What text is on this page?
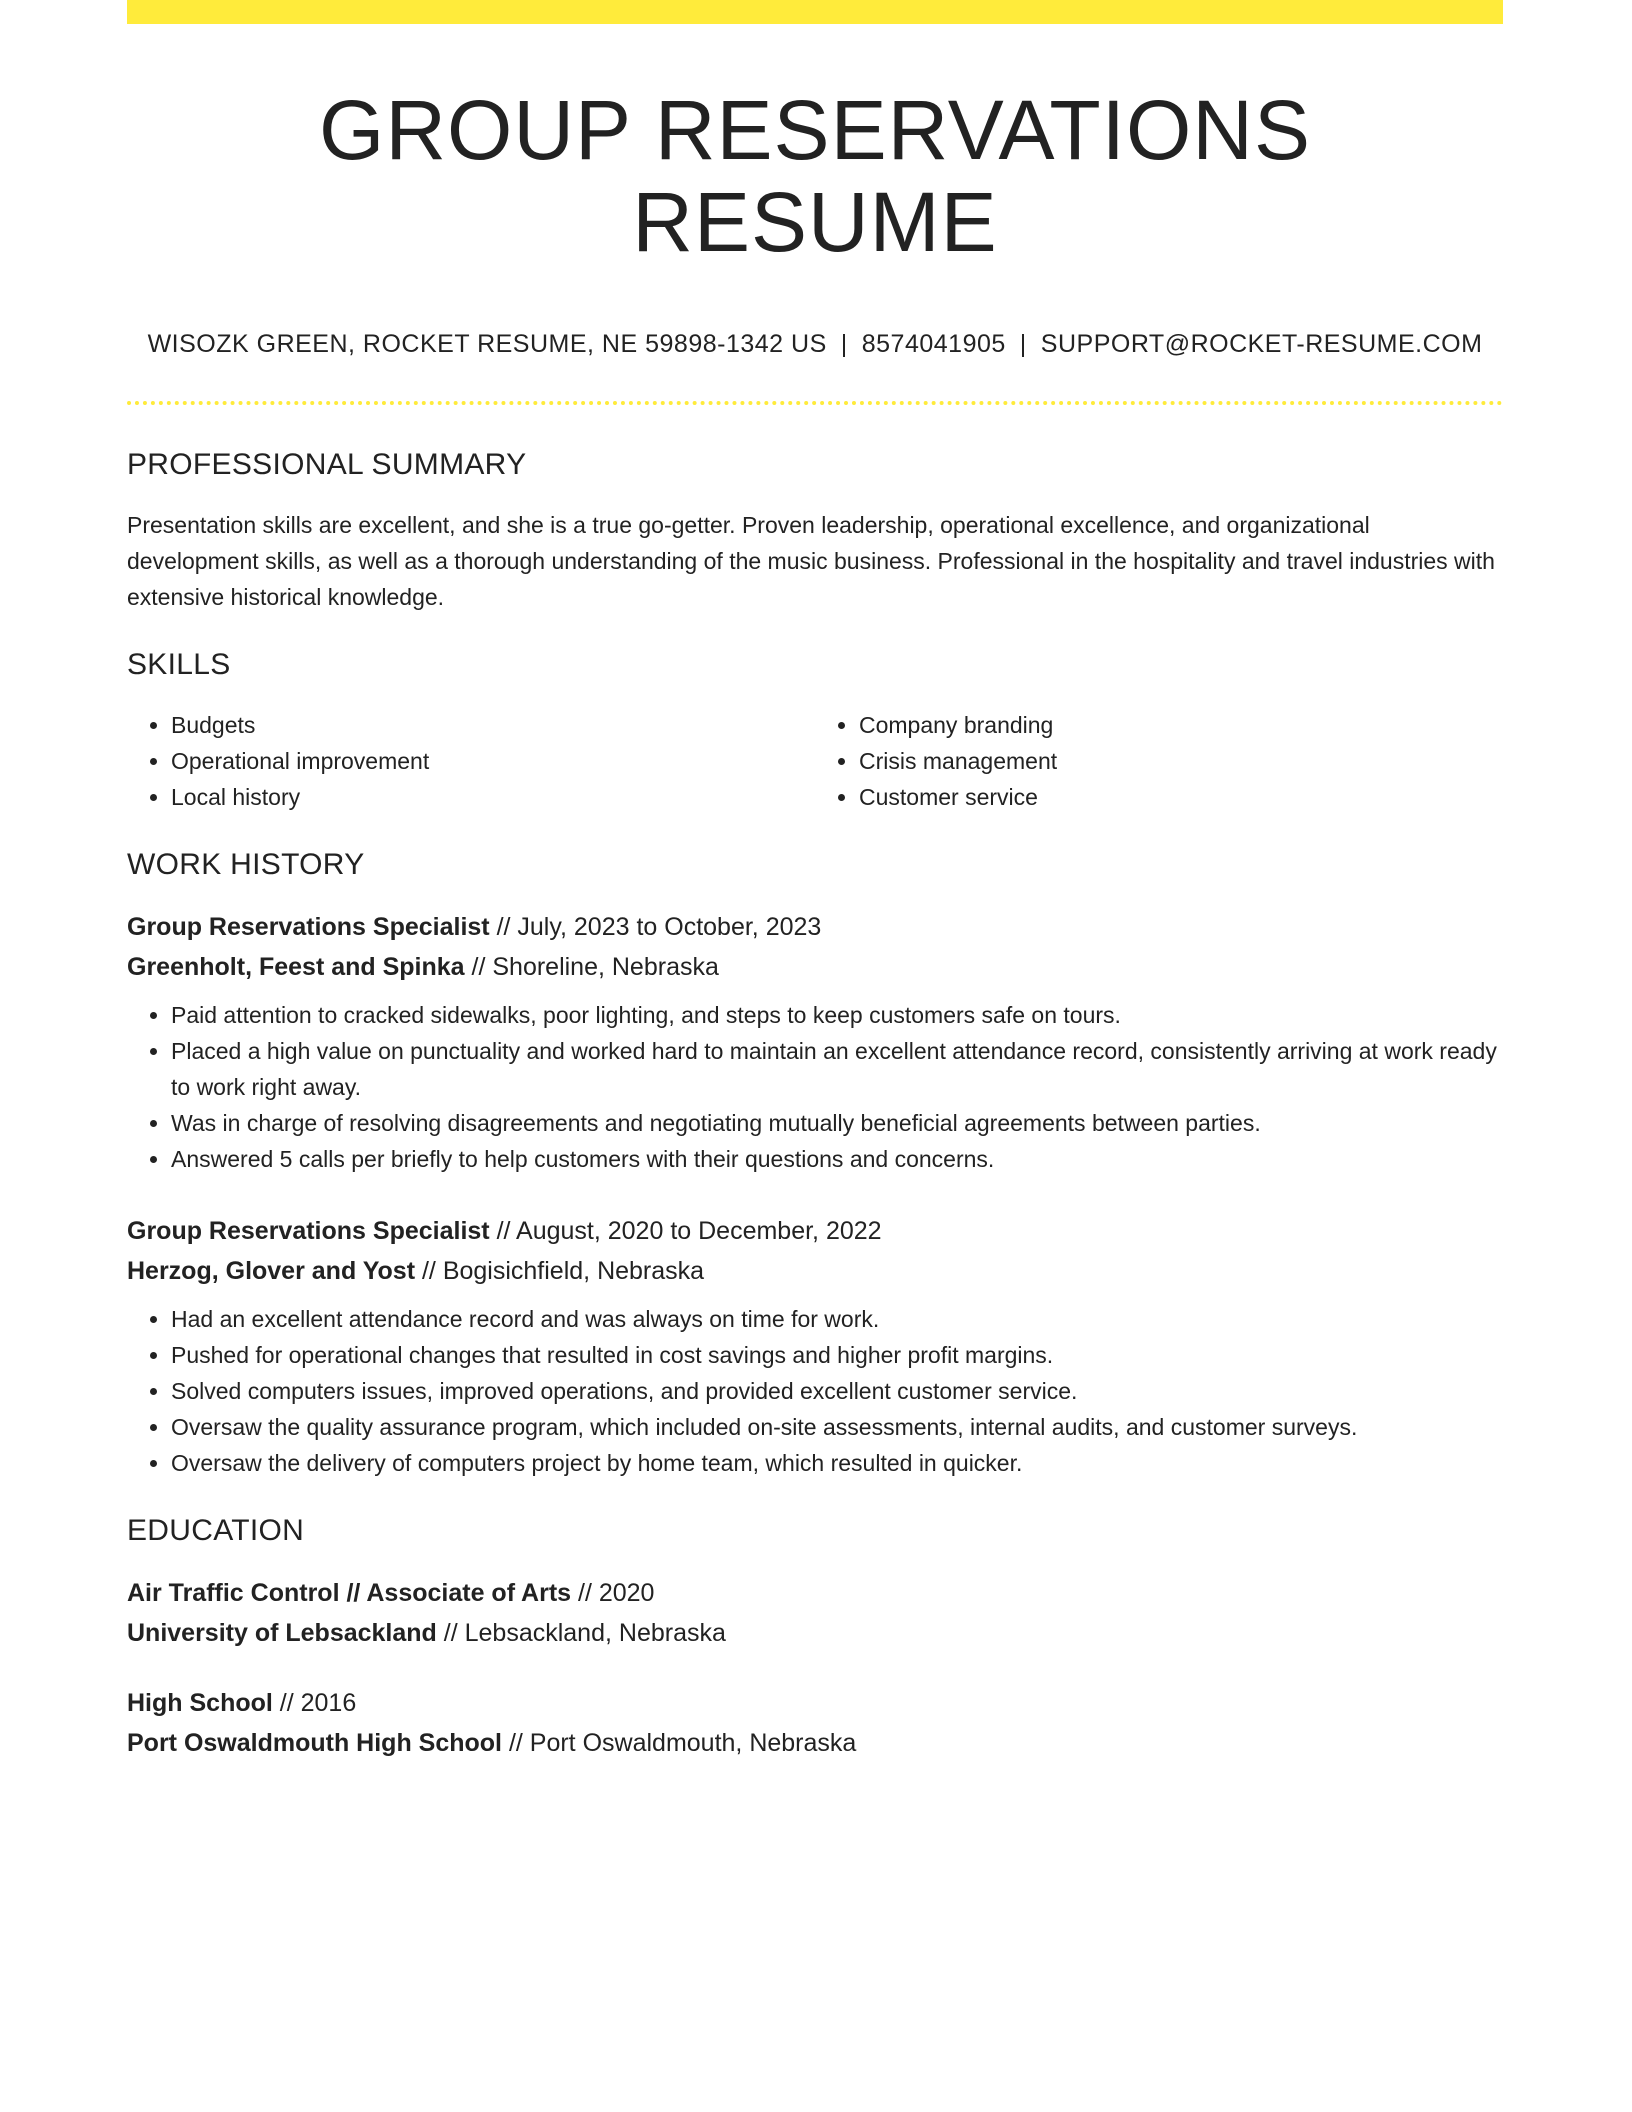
GROUP RESERVATIONS RESUME
WISOZK GREEN, ROCKET RESUME, NE 59898-1342 US | 8574041905 | SUPPORT@ROCKET-RESUME.COM
PROFESSIONAL SUMMARY

Presentation skills are excellent, and she is a true go-getter. Proven leadership, operational excellence, and organizational development skills, as well as a thorough understanding of the music business. Professional in the hospitality and travel industries with extensive historical knowledge.

SKILLS
• Budgets
• Operational improvement
• Local history
• Company branding
• Crisis management
• Customer service
WORK HISTORY
Group Reservations Specialist // July, 2023 to October, 2023
Greenholt, Feest and Spinka // Shoreline, Nebraska
• Paid attention to cracked sidewalks, poor lighting, and steps to keep customers safe on tours.
• Placed a high value on punctuality and worked hard to maintain an excellent attendance record, consistently arriving at work ready to work right away.
• Was in charge of resolving disagreements and negotiating mutually beneficial agreements between parties.
• Answered 5 calls per briefly to help customers with their questions and concerns.
Group Reservations Specialist // August, 2020 to December, 2022
Herzog, Glover and Yost // Bogisichfield, Nebraska
• Had an excellent attendance record and was always on time for work.
• Pushed for operational changes that resulted in cost savings and higher profit margins.
• Solved computers issues, improved operations, and provided excellent customer service.
• Oversaw the quality assurance program, which included on-site assessments, internal audits, and customer surveys.
• Oversaw the delivery of computers project by home team, which resulted in quicker.
EDUCATION
Air Traffic Control // Associate of Arts // 2020
University of Lebsackland // Lebsackland, Nebraska
High School // 2016
Port Oswaldmouth High School // Port Oswaldmouth, Nebraska
